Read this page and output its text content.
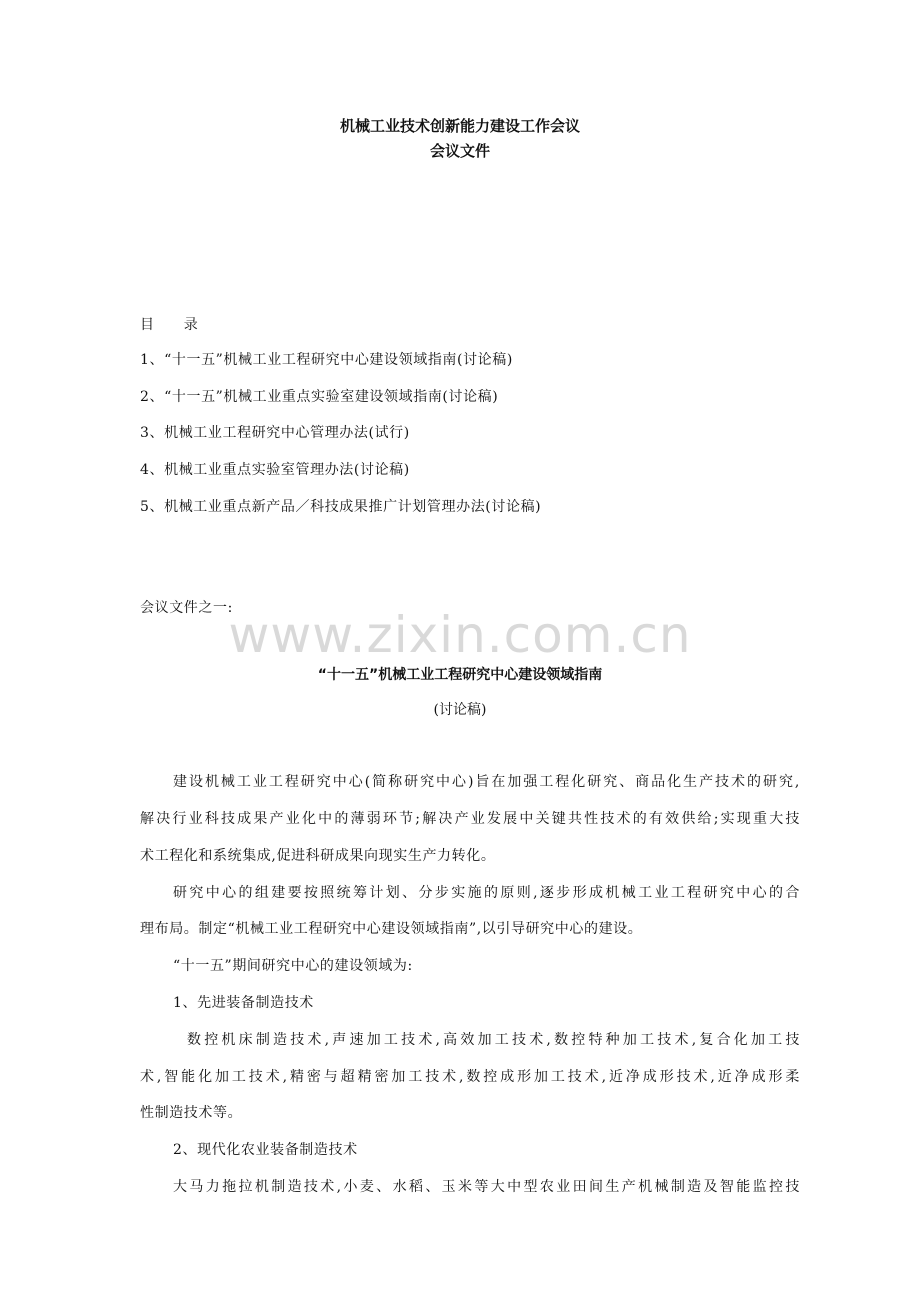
机械工业技术创新能力建设工作会议
会议文件
目　　录
1、“十一五”机械工业工程研究中心建设领域指南(讨论稿)
2、“十一五”机械工业重点实验室建设领域指南(讨论稿)
3、机械工业工程研究中心管理办法(试行)
4、机械工业重点实验室管理办法(讨论稿)
5、机械工业重点新产品／科技成果推广计划管理办法(讨论稿)
会议文件之一:
www.zixin.com.cn
“十一五”机械工业工程研究中心建设领域指南
(讨论稿)
建设机械工业工程研究中心(简称研究中心)旨在加强工程化研究、商品化生产技术的研究,
解决行业科技成果产业化中的薄弱环节;解决产业发展中关键共性技术的有效供给;实现重大技
术工程化和系统集成,促进科研成果向现实生产力转化。
研究中心的组建要按照统筹计划、分步实施的原则,逐步形成机械工业工程研究中心的合
理布局。制定“机械工业工程研究中心建设领域指南”,以引导研究中心的建设。
“十一五”期间研究中心的建设领域为:
1、先进装备制造技术
数控机床制造技术,声速加工技术,高效加工技术,数控特种加工技术,复合化加工技
术,智能化加工技术,精密与超精密加工技术,数控成形加工技术,近净成形技术,近净成形柔
性制造技术等。
2、现代化农业装备制造技术
大马力拖拉机制造技术,小麦、水稻、玉米等大中型农业田间生产机械制造及智能监控技
